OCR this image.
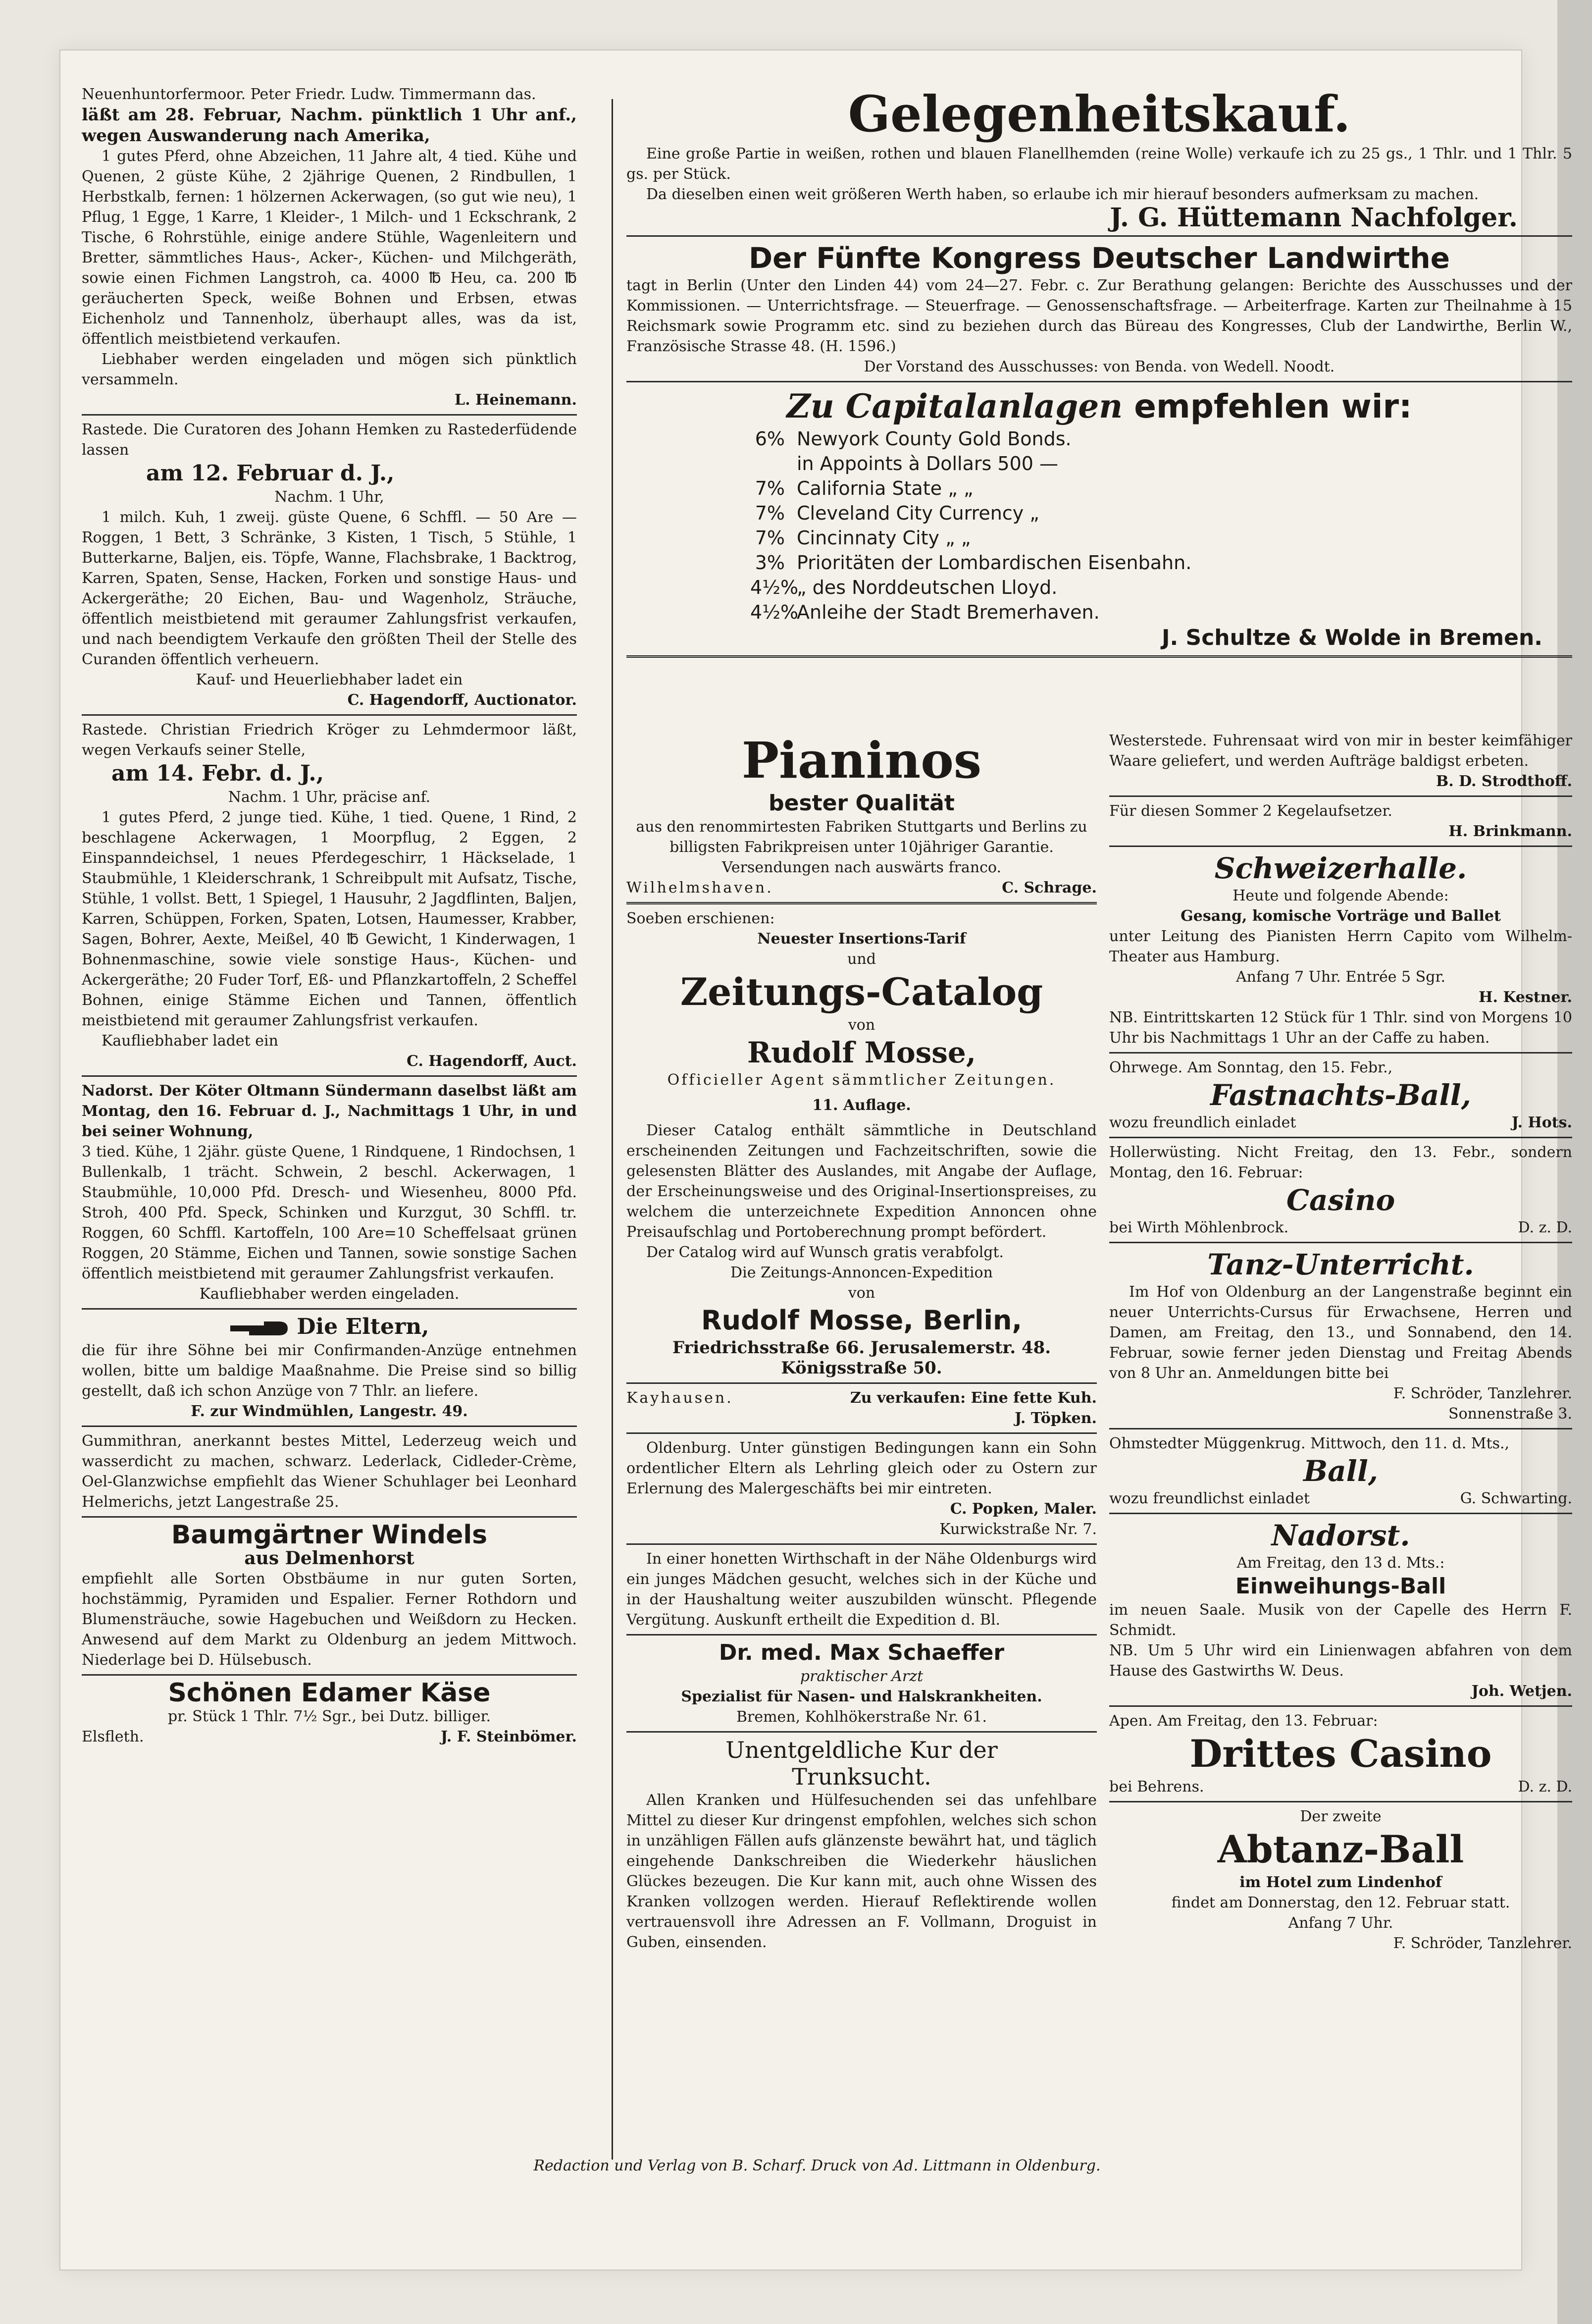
Neuenhuntorfermoor. Peter Friedr. Ludw. Timmermann das.
läßt am 28. Februar, Nachm. pünktlich 1 Uhr anf., wegen Auswanderung nach Amerika,
1 gutes Pferd, ohne Abzeichen, 11 Jahre alt, 4 tied. Kühe und Quenen, 2 güste Kühe, 2 2jährige Quenen, 2 Rindbullen, 1 Herbstkalb, fernen: 1 hölzernen Ackerwagen, (so gut wie neu), 1 Pflug, 1 Egge, 1 Karre, 1 Kleider-, 1 Milch- und 1 Eckschrank, 2 Tische, 6 Rohrstühle, einige andere Stühle, Wagenleitern und Bretter, sämmtliches Haus-, Acker-, Küchen- und Milchgeräth, sowie einen Fichmen Langstroh, ca. 4000 ℔ Heu, ca. 200 ℔ geräucherten Speck, weiße Bohnen und Erbsen, etwas Eichenholz und Tannenholz, überhaupt alles, was da ist, öffentlich meistbietend verkaufen.
Liebhaber werden eingeladen und mögen sich pünktlich versammeln.
L. Heinemann.
Rastede. Die Curatoren des Johann Hemken zu Rastederfüdende lassen
am 12. Februar d. J.,
Nachm. 1 Uhr,
1 milch. Kuh, 1 zweij. güste Quene, 6 Schffl. — 50 Are — Roggen, 1 Bett, 3 Schränke, 3 Kisten, 1 Tisch, 5 Stühle, 1 Butterkarne, Baljen, eis. Töpfe, Wanne, Flachsbrake, 1 Backtrog, Karren, Spaten, Sense, Hacken, Forken und sonstige Haus- und Ackergeräthe; 20 Eichen, Bau- und Wagenholz, Sträuche, öffentlich meistbietend mit geraumer Zahlungsfrist verkaufen, und nach beendigtem Verkaufe den größten Theil der Stelle des Curanden öffentlich verheuern.
Kauf- und Heuerliebhaber ladet ein
C. Hagendorff, Auctionator.
Rastede. Christian Friedrich Kröger zu Lehmdermoor läßt, wegen Verkaufs seiner Stelle,
am 14. Febr. d. J.,
Nachm. 1 Uhr, präcise anf.
1 gutes Pferd, 2 junge tied. Kühe, 1 tied. Quene, 1 Rind, 2 beschlagene Ackerwagen, 1 Moorpflug, 2 Eggen, 2 Einspanndeichsel, 1 neues Pferdegeschirr, 1 Häckselade, 1 Staubmühle, 1 Kleiderschrank, 1 Schreibpult mit Aufsatz, Tische, Stühle, 1 vollst. Bett, 1 Spiegel, 1 Hausuhr, 2 Jagdflinten, Baljen, Karren, Schüppen, Forken, Spaten, Lotsen, Haumesser, Krabber, Sagen, Bohrer, Aexte, Meißel, 40 ℔ Gewicht, 1 Kinderwagen, 1 Bohnenmaschine, sowie viele sonstige Haus-, Küchen- und Ackergeräthe; 20 Fuder Torf, Eß- und Pflanzkartoffeln, 2 Scheffel Bohnen, einige Stämme Eichen und Tannen, öffentlich meistbietend mit geraumer Zahlungsfrist verkaufen.
Kaufliebhaber ladet ein
C. Hagendorff, Auct.
Nadorst. Der Köter Oltmann Sündermann daselbst läßt am Montag, den 16. Februar d. J., Nachmittags 1 Uhr, in und bei seiner Wohnung,
3 tied. Kühe, 1 2jähr. güste Quene, 1 Rindquene, 1 Rindochsen, 1 Bullenkalb, 1 trächt. Schwein, 2 beschl. Ackerwagen, 1 Staubmühle, 10,000 Pfd. Dresch- und Wiesenheu, 8000 Pfd. Stroh, 400 Pfd. Speck, Schinken und Kurzgut, 30 Schffl. tr. Roggen, 60 Schffl. Kartoffeln, 100 Are=10 Scheffelsaat grünen Roggen, 20 Stämme, Eichen und Tannen, sowie sonstige Sachen öffentlich meistbietend mit geraumer Zahlungsfrist verkaufen.
Kaufliebhaber werden eingeladen.
Die Eltern,
die für ihre Söhne bei mir Confirmanden-Anzüge entnehmen wollen, bitte um baldige Maaßnahme. Die Preise sind so billig gestellt, daß ich schon Anzüge von 7 Thlr. an liefere.
F. zur Windmühlen, Langestr. 49.
Gummithran, anerkannt bestes Mittel, Lederzeug weich und wasserdicht zu machen, schwarz. Lederlack, Cidleder-Crème, Oel-Glanzwichse empfiehlt das Wiener Schuhlager bei Leonhard Helmerichs, jetzt Langestraße 25.
Baumgärtner Windels
aus Delmenhorst
empfiehlt alle Sorten Obstbäume in nur guten Sorten, hochstämmig, Pyramiden und Espalier. Ferner Rothdorn und Blumensträuche, sowie Hagebuchen und Weißdorn zu Hecken. Anwesend auf dem Markt zu Oldenburg an jedem Mittwoch. Niederlage bei D. Hülsebusch.
Schönen Edamer Käse
pr. Stück 1 Thlr. 7½ Sgr., bei Dutz. billiger.
Elsfleth.	J. F. Steinbömer.
Gelegenheitskauf.
Eine große Partie in weißen, rothen und blauen Flanellhemden (reine Wolle) verkaufe ich zu 25 gs., 1 Thlr. und 1 Thlr. 5 gs. per Stück.
Da dieselben einen weit größeren Werth haben, so erlaube ich mir hierauf besonders aufmerksam zu machen.
J. G. Hüttemann Nachfolger.
Der Fünfte Kongress Deutscher Landwirthe
tagt in Berlin (Unter den Linden 44) vom 24—27. Febr. c. Zur Berathung gelangen: Berichte des Ausschusses und der Kommissionen. — Unterrichtsfrage. — Steuerfrage. — Genossenschaftsfrage. — Arbeiterfrage. Karten zur Theilnahme à 15 Reichsmark sowie Programm etc. sind zu beziehen durch das Büreau des Kongresses, Club der Landwirthe, Berlin W., Französische Strasse 48. (H. 1596.)
Der Vorstand des Ausschusses: von Benda. von Wedell. Noodt.
Zu Capitalanlagen empfehlen wir:
6% Newyork County Gold Bonds.
in Appoints à Dollars 500 —
7% California State „ „
7% Cleveland City Currency „
7% Cincinnaty City „ „
3% Prioritäten der Lombardischen Eisenbahn.
4½%„ des Norddeutschen Lloyd.
4½%Anleihe der Stadt Bremerhaven.
J. Schultze & Wolde in Bremen.
Pianinos
bester Qualität
aus den renommirtesten Fabriken Stuttgarts und Berlins zu billigsten Fabrikpreisen unter 10jähriger Garantie. Versendungen nach auswärts franco.
Wilhelmshaven.	C. Schrage.
Soeben erschienen:
Neuester Insertions-Tarif
und
Zeitungs-Catalog
von
Rudolf Mosse,
Officieller Agent sämmtlicher Zeitungen.
11. Auflage.
Dieser Catalog enthält sämmtliche in Deutschland erscheinenden Zeitungen und Fachzeitschriften, sowie die gelesensten Blätter des Auslandes, mit Angabe der Auflage, der Erscheinungsweise und des Original-Insertionspreises, zu welchem die unterzeichnete Expedition Annoncen ohne Preisaufschlag und Portoberechnung prompt befördert.
Der Catalog wird auf Wunsch gratis verabfolgt.
Die Zeitungs-Annoncen-Expedition
von
Rudolf Mosse, Berlin,
Friedrichsstraße 66. Jerusalemerstr. 48. Königsstraße 50.
Kayhausen.	Zu verkaufen: Eine fette Kuh.
J. Töpken.
Oldenburg. Unter günstigen Bedingungen kann ein Sohn ordentlicher Eltern als Lehrling gleich oder zu Ostern zur Erlernung des Malergeschäfts bei mir eintreten.
C. Popken, Maler.
Kurwickstraße Nr. 7.
In einer honetten Wirthschaft in der Nähe Oldenburgs wird ein junges Mädchen gesucht, welches sich in der Küche und in der Haushaltung weiter auszubilden wünscht. Pflegende Vergütung. Auskunft ertheilt die Expedition d. Bl.
Dr. med. Max Schaeffer
praktischer Arzt
Spezialist für Nasen- und Halskrankheiten.
Bremen, Kohlhökerstraße Nr. 61.
Unentgeldliche Kur der
Trunksucht.
Allen Kranken und Hülfesuchenden sei das unfehlbare Mittel zu dieser Kur dringenst empfohlen, welches sich schon in unzähligen Fällen aufs glänzenste bewährt hat, und täglich eingehende Dankschreiben die Wiederkehr häuslichen Glückes bezeugen. Die Kur kann mit, auch ohne Wissen des Kranken vollzogen werden. Hierauf Reflektirende wollen vertrauensvoll ihre Adressen an F. Vollmann, Droguist in Guben, einsenden.
Westerstede. Fuhrensaat wird von mir in bester keimfähiger Waare geliefert, und werden Aufträge baldigst erbeten.
B. D. Strodthoff.
Für diesen Sommer 2 Kegelaufsetzer.
H. Brinkmann.
Schweizerhalle.
Heute und folgende Abende:
Gesang, komische Vorträge und Ballet
unter Leitung des Pianisten Herrn Capito vom Wilhelm-Theater aus Hamburg.
Anfang 7 Uhr. Entrée 5 Sgr.
H. Kestner.
NB. Eintrittskarten 12 Stück für 1 Thlr. sind von Morgens 10 Uhr bis Nachmittags 1 Uhr an der Caffe zu haben.
Ohrwege. Am Sonntag, den 15. Febr.,
Fastnachts-Ball,
wozu freundlich einladet	J. Hots.
Hollerwüsting. Nicht Freitag, den 13. Febr., sondern Montag, den 16. Februar:
Casino
bei Wirth Möhlenbrock.	D. z. D.
Tanz-Unterricht.
Im Hof von Oldenburg an der Langenstraße beginnt ein neuer Unterrichts-Cursus für Erwachsene, Herren und Damen, am Freitag, den 13., und Sonnabend, den 14. Februar, sowie ferner jeden Dienstag und Freitag Abends von 8 Uhr an. Anmeldungen bitte bei
F. Schröder, Tanzlehrer.
Sonnenstraße 3.
Ohmstedter Müggenkrug. Mittwoch, den 11. d. Mts.,
Ball,
wozu freundlichst einladet	G. Schwarting.
Nadorst.
Am Freitag, den 13 d. Mts.:
Einweihungs-Ball
im neuen Saale. Musik von der Capelle des Herrn F. Schmidt.
NB. Um 5 Uhr wird ein Linienwagen abfahren von dem Hause des Gastwirths W. Deus.
Joh. Wetjen.
Apen. Am Freitag, den 13. Februar:
Drittes Casino
bei Behrens.	D. z. D.
Der zweite
Abtanz-Ball
im Hotel zum Lindenhof
findet am Donnerstag, den 12. Februar statt.
Anfang 7 Uhr.
F. Schröder, Tanzlehrer.
Redaction und Verlag von B. Scharf. Druck von Ad. Littmann in Oldenburg.
